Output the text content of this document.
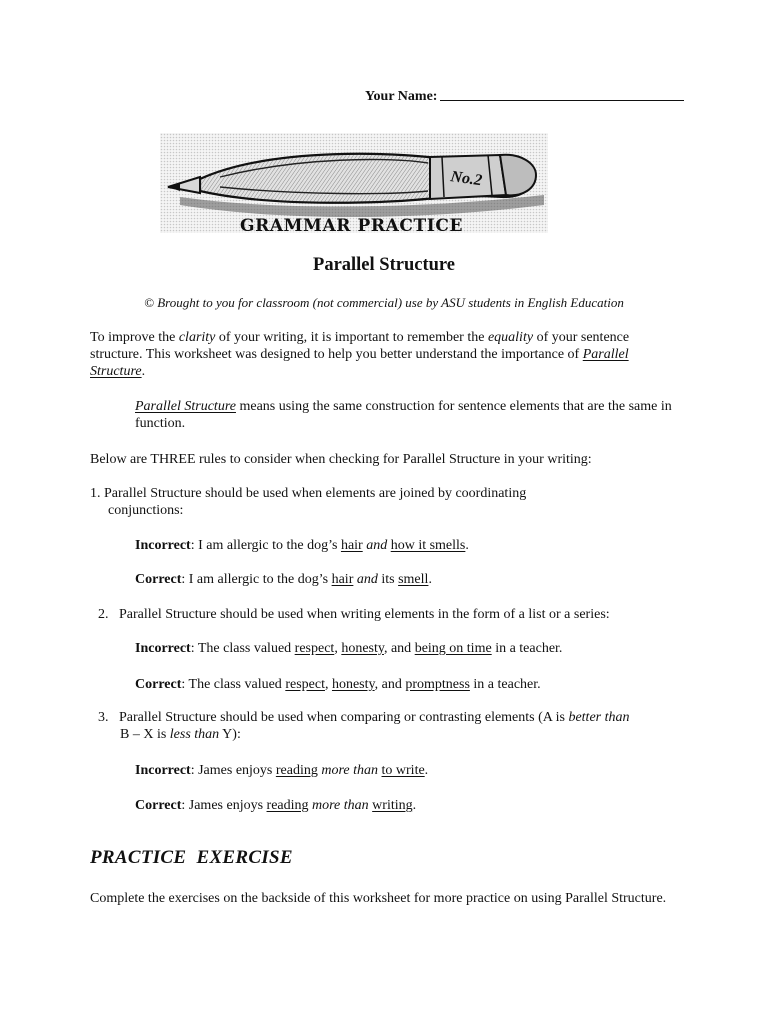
Your Name:
No.2
GRAMMAR PRACTICE
Parallel Structure
© Brought to you for classroom (not commercial) use by ASU students in English Education
To improve the clarity of your writing, it is important to remember the equality of your sentence structure. This worksheet was designed to help you better understand the importance of Parallel Structure.
Parallel Structure means using the same construction for sentence elements that are the same in function.
Below are THREE rules to consider when checking for Parallel Structure in your writing:
1. Parallel Structure should be used when elements are joined by coordinating
conjunctions:
Incorrect: I am allergic to the dog’s hair and how it smells.
Correct: I am allergic to the dog’s hair and its smell.
2. Parallel Structure should be used when writing elements in the form of a list or a series:
Incorrect: The class valued respect, honesty, and being on time in a teacher.
Correct: The class valued respect, honesty, and promptness in a teacher.
3. Parallel Structure should be used when comparing or contrasting elements (A is better than
B – X is less than Y):
Incorrect: James enjoys reading more than to write.
Correct: James enjoys reading more than writing.
PRACTICE  EXERCISE
Complete the exercises on the backside of this worksheet for more practice on using Parallel Structure.
